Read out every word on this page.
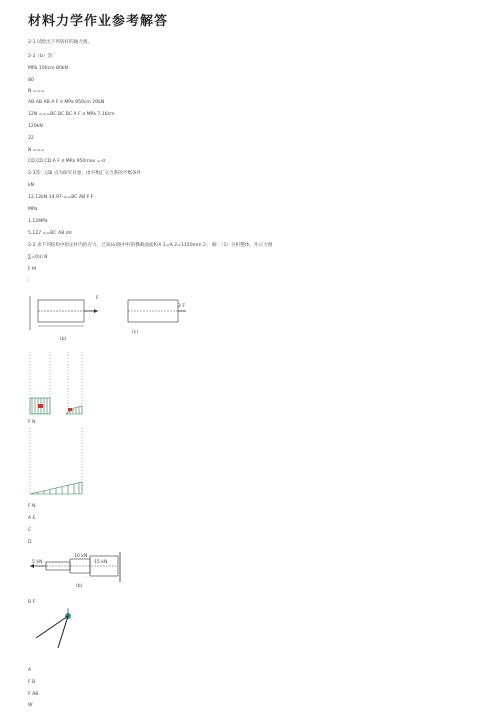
材料力学作业参考解答
2-1 试绘出下列各杆的轴力图。
2-2（b）答:
MPa 100cm 80kN
80
N ===
AB AB AB A F σ MPa 950cm 20kN
12N ===BC BC BC A F σ MPa 7.16cm
120kN
22
N ===
CD CD CD A F σ MPa 950max =-σ
2-3答：以B 点为研究对象，由平衡汇交力系的平衡条件
kN
12.12kN 14.97-==BC AB F F
MPa
1.12MPa
5.127 ==BC AB σσ
2-2 求下列结构中指定杆内的应力。已知(a)图中杆的横截面面积A 1=A 2=1150mm 2； 解：（1）分析整体，作示力图
∑=0)(i B
F M
:
(b)
(c)
F
2 F
F N
F N
A E
C
D
5 kN
10 kN
15 kN
(b)
B F
A
F B
F AB
W
